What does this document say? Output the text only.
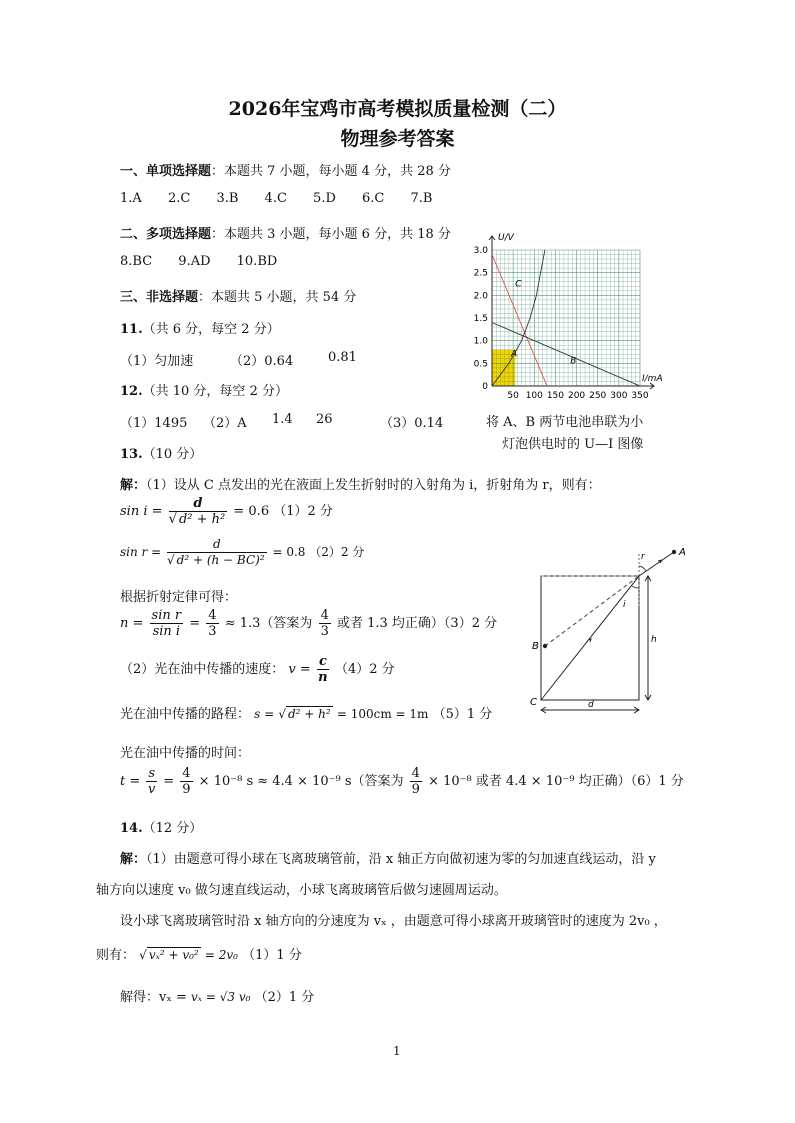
2026年宝鸡市高考模拟质量检测（二）
物理参考答案
一、单项选择题：本题共 7 小题，每小题 4 分，共 28 分
1.A 2.C 3.B 4.C 5.D 6.C 7.B
二、多项选择题：本题共 3 小题，每小题 6 分，共 18 分
8.BC 9.AD 10.BD
三、非选择题：本题共 5 小题，共 54 分
11.（共 6 分，每空 2 分）
（1）匀加速	（2）0.64	0.81
12.（共 10 分，每空 2 分）
（1）1495 （2）A 1.4 26	（3）0.14
13.（10 分）
解：（1）设从 C 点发出的光在液面上发生折射时的入射角为 i，折射角为 r，则有：
$\sin i = \frac{d}{\text{√ d² + h²}} = 0.6$ （1）2 分
$\sin r = \frac{d}{\text{√ d² + (h − BC)²}} = 0.8$ （2）2 分
根据折射定律可得：
$n = \frac{\text{sin r}}{\text{sin i}} = \frac{4}{3} \approx 1.3$（答案为 $\frac{4}{3}$ 或者 1.3 均正确）（3）2 分
（2）光在油中传播的速度： $v = \frac{c}{n} (4)2$ 分
光在油中传播的路程： s = √ d² + h² = 100cm = 1m （5）1 分
光在油中传播的时间：
$t = \frac{s}{v} = \frac{4}{9} \times 10^{-8}$ s ≈ 4.4 × 10⁻⁹ s（答案为 $\frac{4}{9} \times 10^{-8}$ 或者 4.4 × 10⁻⁹ 均正确）（6）1 分
14.（12 分）
解：（1）由题意可得小球在飞离玻璃管前，沿 x 轴正方向做初速为零的匀加速直线运动，沿 y
轴方向以速度 v₀ 做匀速直线运动，小球飞离玻璃管后做匀速圆周运动。
设小球飞离玻璃管时沿 x 轴方向的分速度为 vₓ ，由题意可得小球离开玻璃管时的速度为 2v₀ ，
则有： √ vₓ² + v₀² = 2v₀ （1）1 分
解得：vₓ = vₓ = √3 v₀ （2）1 分
1
3.0
2.5
2.0
1.5
1.0
0.5
0
50 100 150 200 250 300 350
U/V
I/mA
A
B
C
将 A、B 两节电池串联为小
灯泡供电时的 U—I 图像
A
B
C
r
i
h
d
